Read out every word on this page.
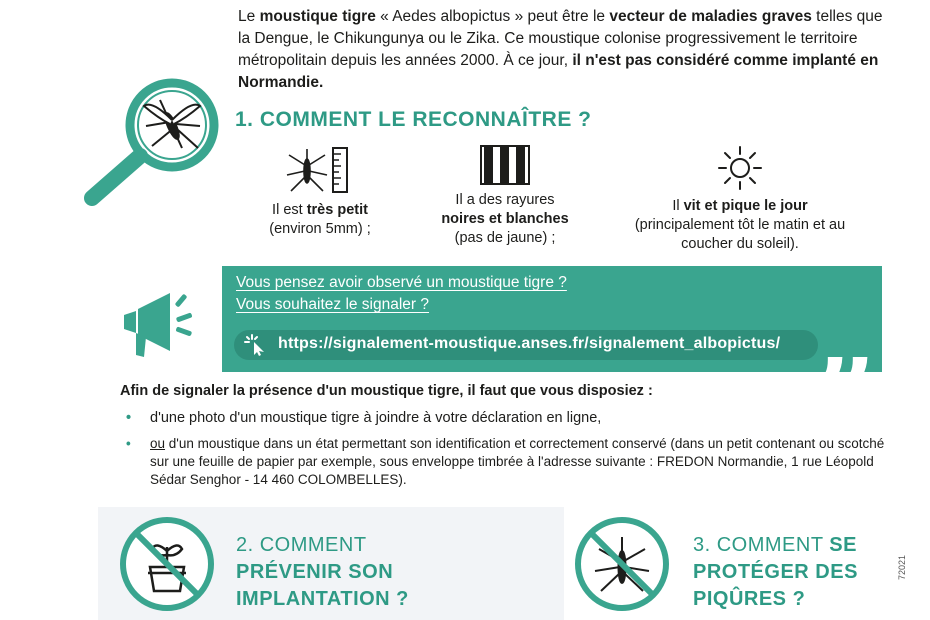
Le moustique tigre « Aedes albopictus » peut être le vecteur de maladies graves telles que la Dengue, le Chikungunya ou le Zika. Ce moustique colonise progressivement le territoire métropolitain depuis les années 2000. À ce jour, il n'est pas considéré comme implanté en Normandie.

1. COMMENT LE RECONNAÎTRE ?
Il est très petit
(environ 5mm) ;
Il a des rayures
noires et blanches
(pas de jaune) ;
Il vit et pique le jour
(principalement tôt le matin et au coucher du soleil).
Vous pensez avoir observé un moustique tigre ?
Vous souhaitez le signaler ?
https://signalement-moustique.anses.fr/signalement_albopictus/ „
Afin de signaler la présence d'un moustique tigre, il faut que vous disposiez :
•	d'une photo d'un moustique tigre à joindre à votre déclaration en ligne,
•	ou d'un moustique dans un état permettant son identification et correctement conservé (dans un petit contenant ou scotché sur une feuille de papier par exemple, sous enveloppe timbrée à l'adresse suivante : FREDON Normandie, 1 rue Léopold Sédar Senghor - 14 460 COLOMBELLES).
2. COMMENT
PRÉVENIR SON
IMPLANTATION ?
3. COMMENT SE
PROTÉGER DES
PIQÛRES ?
72021
